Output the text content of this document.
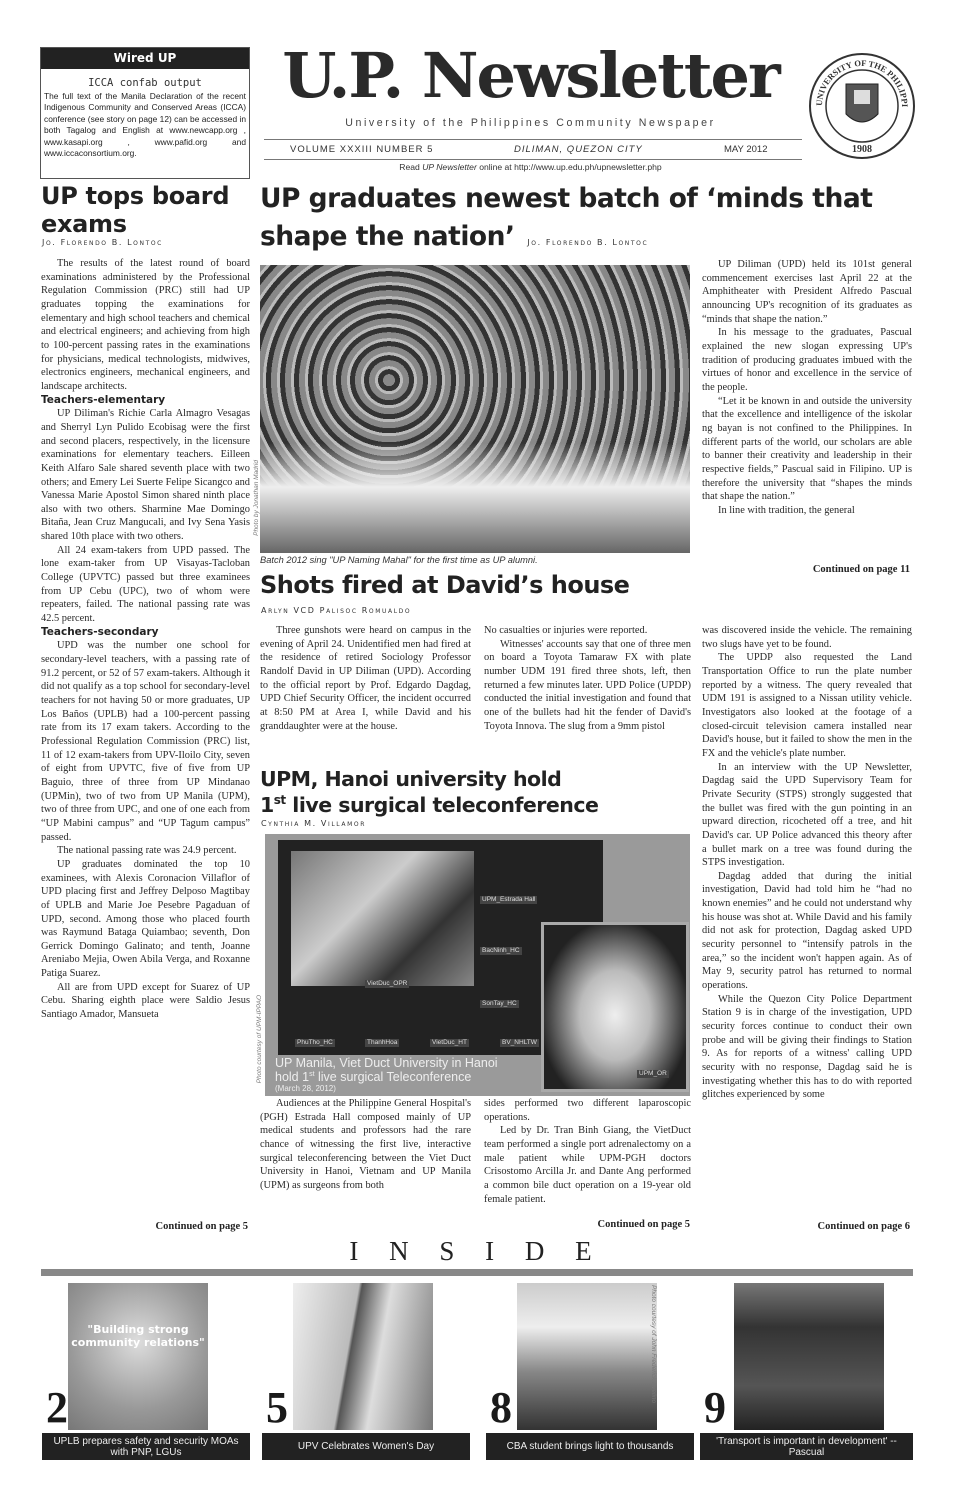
Wired UP
ICCA confab output
The full text of the Manila Declaration of the recent Indigenous Community and Conserved Areas (ICCA) conference (see story on page 12) can be accessed in both Tagalog and English at www.newcapp.org , www.kasapi.org , www.pafid.org and www.iccaconsortium.org.
UP tops board exams
Jo. Florendo B. Lontoc

The results of the latest round of board examinations administered by the Professional Regulation Commission (PRC) still had UP graduates topping the examinations for elementary and high school teachers and chemical and electrical engineers; and achieving from high to 100-percent passing rates in the examinations for physicians, medical technologists, midwives, electronics engineers, mechanical engineers, and landscape architects.

Teachers-elementary

UP Diliman's Richie Carla Almagro Vesagas and Sherryl Lyn Pulido Ecobisag were the first and second placers, respectively, in the licensure examinations for elementary teachers. Eilleen Keith Alfaro Sale shared seventh place with two others; and Emery Lei Suerte Felipe Sicangco and Vanessa Marie Apostol Simon shared ninth place also with two others. Sharmine Mae Domingo Bitaña, Jean Cruz Mangucali, and Ivy Sena Yasis shared 10th place with two others.

All 24 exam-takers from UPD passed. The lone exam-taker from UP Visayas-Tacloban College (UPVTC) passed but three examinees from UP Cebu (UPC), two of whom were repeaters, failed. The national passing rate was 42.5 percent.

Teachers-secondary

UPD was the number one school for secondary-level teachers, with a passing rate of 91.2 percent, or 52 of 57 exam-takers. Although it did not qualify as a top school for secondary-level teachers for not having 50 or more graduates, UP Los Baños (UPLB) had a 100-percent passing rate from its 17 exam takers. According to the Professional Regulation Commission (PRC) list, 11 of 12 exam-takers from UPV-Iloilo City, seven of eight from UPVTC, five of five from UP Baguio, three of three from UP Mindanao (UPMin), two of two from UP Manila (UPM), two of three from UPC, and one of one each from “UP Mabini campus” and “UP Tagum campus” passed.

The national passing rate was 24.9 percent.

UP graduates dominated the top 10 examinees, with Alexis Coronacion Villaflor of UPD placing first and Jeffrey Delposo Magtibay of UPLB and Marie Joe Pesebre Pagaduan of UPD, second. Among those who placed fourth was Raymund Bataga Quiambao; seventh, Don Gerrick Domingo Galinato; and tenth, Joanne Areniabo Mejia, Owen Abila Verga, and Roxanne Patiga Suarez.

All are from UPD except for Suarez of UP Cebu. Sharing eighth place were Saldio Jesus Santiago Amador, Mansueta

Continued on page 5
U.P. Newsletter
University of the Philippines Community Newspaper
VOLUME XXXIII NUMBER 5	DILIMAN, QUEZON CITY	MAY 2012
Read UP Newsletter online at http://www.up.edu.ph/upnewsletter.php
UNIVERSITY OF THE PHILIPPI
1908
UP graduates newest batch of ‘minds that shape the nation’ Jo. Florendo B. Lontoc
Photo by Jonathan Madrid
Batch 2012 sing "UP Naming Mahal" for the first time as UP alumni.

UP Diliman (UPD) held its 101st general commencement exercises last April 22 at the Amphitheater with President Alfredo Pascual announcing UP's recognition of its graduates as “minds that shape the nation.”

In his message to the graduates, Pascual explained the new slogan expressing UP's tradition of producing graduates imbued with the virtues of honor and excellence in the service of the people.

“Let it be known in and outside the university that the excellence and intelligence of the iskolar ng bayan is not confined to the Philippines. In different parts of the world, our scholars are able to banner their creativity and leadership in their respective fields,” Pascual said in Filipino. UP is therefore the university that “shapes the minds that shape the nation.”

In line with tradition, the general

Continued on page 11
Shots fired at David’s house
Arlyn VCD Palisoc Romualdo

Three gunshots were heard on campus in the evening of April 24. Unidentified men had fired at the residence of retired Sociology Professor Randolf David in UP Diliman (UPD). According to the official report by Prof. Edgardo Dagdag, UPD Chief Security Officer, the incident occurred at 8:50 PM at Area I, while David and his granddaughter were at the house.

No casualties or injuries were reported.

Witnesses' accounts say that one of three men on board a Toyota Tamaraw FX with plate number UDM 191 fired three shots, left, then returned a few minutes later. UPD Police (UPDP) conducted the initial investigation and found that one of the bullets had hit the fender of David's Toyota Innova. The slug from a 9mm pistol

was discovered inside the vehicle. The remaining two slugs have yet to be found.

The UPDP also requested the Land Transportation Office to run the plate number reported by a witness. The query revealed that UDM 191 is assigned to a Nissan utility vehicle. Investigators also looked at the footage of a closed-circuit television camera installed near David's house, but it failed to show the men in the FX and the vehicle's plate number.

In an interview with the UP Newsletter, Dagdag said the UPD Supervisory Team for Private Security (STPS) strongly suggested that the bullet was fired with the gun pointing in an upward direction, ricocheted off a tree, and hit David's car. UP Police advanced this theory after a bullet mark on a tree was found during the STPS investigation.

Dagdag added that during the initial investigation, David had told him he “had no known enemies” and he could not understand why his house was shot at. While David and his family did not ask for protection, Dagdag asked UPD security personnel to “intensify patrols in the area,” so the incident won't happen again. As of May 9, security patrol has returned to normal operations.

While the Quezon City Police Department Station 9 is in charge of the investigation, UPD security forces continue to conduct their own probe and will be giving their findings to Station 9. As for reports of a witness' calling UPD security with no response, Dagdag said he is investigating whether this has to do with reported glitches experienced by some

Continued on page 6
UPM, Hanoi university hold
1st live surgical teleconference
Cynthia M. Villamor
UPM_Estrada Hall
BacNinh_HC
SonTay_HC
VietDuc_OPR
PhuTho_HC	ThanhHoa	VietDuc_HT	BV_NHLTW
UPM_OR
UP Manila, Viet Duct University in Hanoi
hold 1st live surgical Teleconference
(March 28, 2012)
Photo courtesy of UPM-IPPAO

Audiences at the Philippine General Hospital's (PGH) Estrada Hall composed mainly of UP medical students and professors had the rare chance of witnessing the first live, interactive surgical teleconferencing between the Viet Duct University in Hanoi, Vietnam and UP Manila (UPM) as surgeons from both

sides performed two different laparoscopic operations.

Led by Dr. Tran Binh Giang, the VietDuct team performed a single port adrenalectomy on a male patient while UPM-PGH doctors Crisostomo Arcilla Jr. and Dante Ang performed a common bile duct operation on a 19-year old female patient.

Continued on page 5
I N S I D E
"Building strong community relations"
2
UPLB prepares safety and security MOAs with PNP, LGUs
5
UPV Celebrates Women's Day
Photo courtesy of John Frederick Avelino
8
CBA student brings light to thousands
9
'Transport is important in development' -- Pascual
